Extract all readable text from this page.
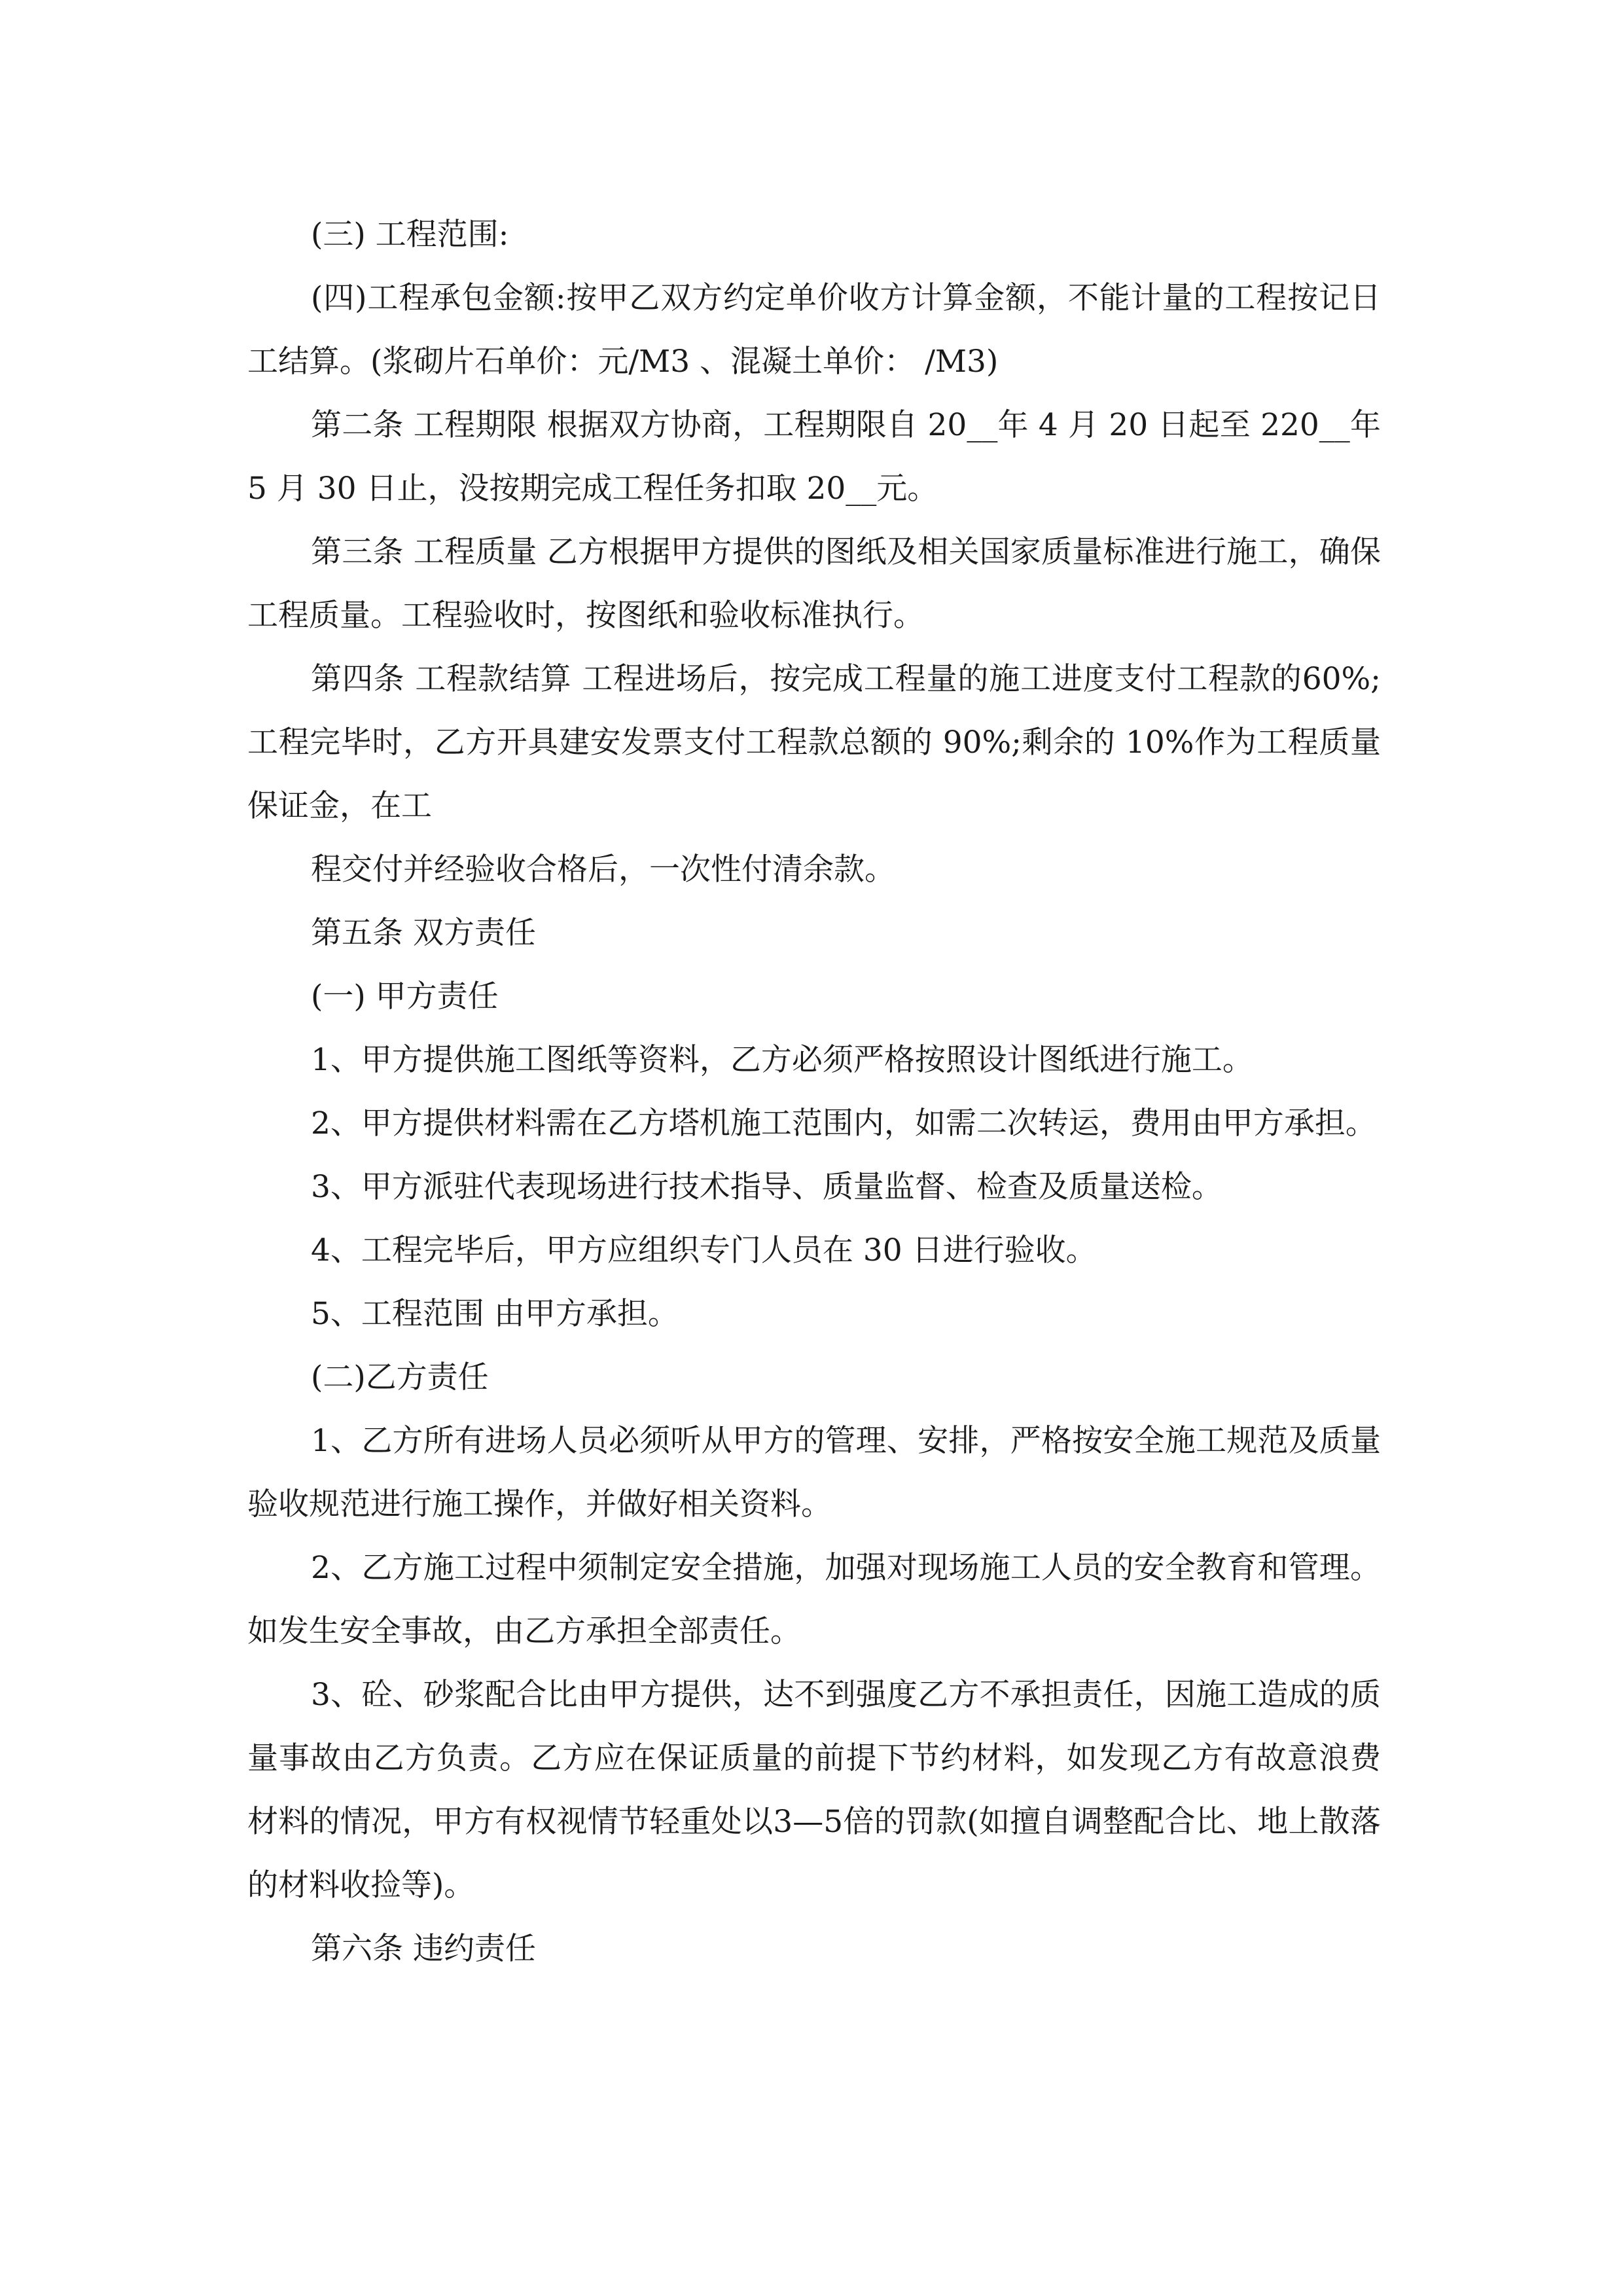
(三) 工程范围:

(四)工程承包金额:按甲乙双方约定单价收方计算金额，不能计量的工程按记日工结算。(浆砌片石单价：元/M3 、混凝土单价： /M3)

第二条 工程期限 根据双方协商，工程期限自 20__年 4 月 20 日起至 220__年 5 月 30 日止，没按期完成工程任务扣取 20__元。

第三条 工程质量 乙方根据甲方提供的图纸及相关国家质量标准进行施工，确保工程质量。工程验收时，按图纸和验收标准执行。

第四条 工程款结算 工程进场后，按完成工程量的施工进度支付工程款的60%;工程完毕时，乙方开具建安发票支付工程款总额的 90%;剩余的 10%作为工程质量保证金，在工

程交付并经验收合格后，一次性付清余款。

第五条 双方责任

(一) 甲方责任

1、甲方提供施工图纸等资料，乙方必须严格按照设计图纸进行施工。

2、甲方提供材料需在乙方塔机施工范围内，如需二次转运，费用由甲方承担。

3、甲方派驻代表现场进行技术指导、质量监督、检查及质量送检。

4、工程完毕后，甲方应组织专门人员在 30 日进行验收。

5、工程范围 由甲方承担。

(二)乙方责任

1、乙方所有进场人员必须听从甲方的管理、安排，严格按安全施工规范及质量验收规范进行施工操作，并做好相关资料。

2、乙方施工过程中须制定安全措施，加强对现场施工人员的安全教育和管理。如发生安全事故，由乙方承担全部责任。

3、砼、砂浆配合比由甲方提供，达不到强度乙方不承担责任，因施工造成的质量事故由乙方负责。乙方应在保证质量的前提下节约材料，如发现乙方有故意浪费材料的情况，甲方有权视情节轻重处以3—5倍的罚款(如擅自调整配合比、地上散落的材料收捡等)。

第六条 违约责任
